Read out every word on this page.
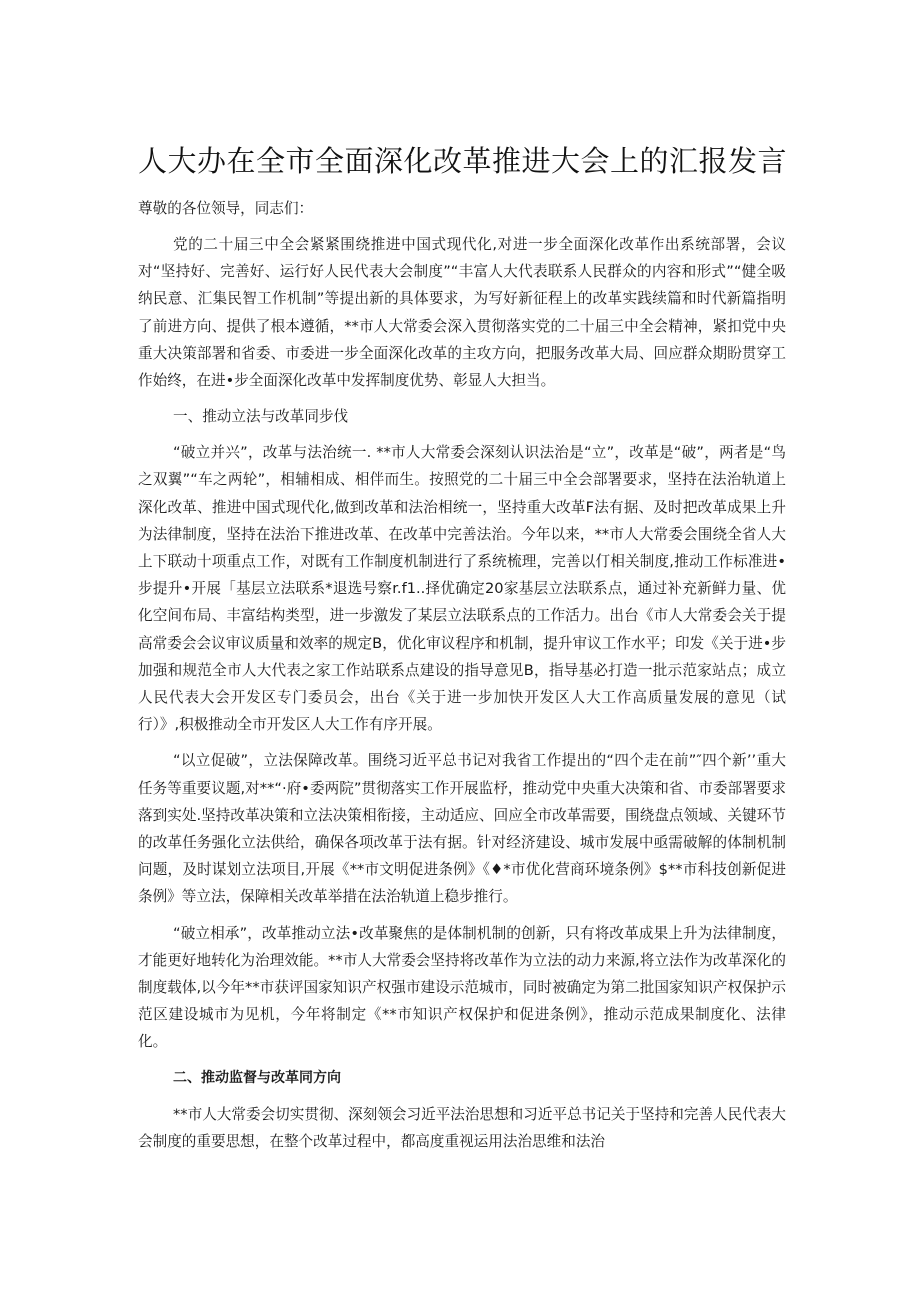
人大办在全市全面深化改革推进大会上的汇报发言

尊敬的各位领导，同志们：

党的二十届三中全会紧紧围绕推进中国式现代化,对进一步全面深化改革作出系统部署，会议对“坚持好、完善好、运行好人民代表大会制度”“丰富人大代表联系人民群众的内容和形式”“健全吸纳民意、汇集民智工作机制”等提出新的具体要求，为写好新征程上的改革实践续篇和时代新篇指明了前进方向、提供了根本遵循，**市人大常委会深入贯彻落实党的二十届三中全会精神，紧扣党中央重大决策部署和省委、市委进一步全面深化改革的主攻方向，把服务改革大局、回应群众期盼贯穿工作始终，在进•步全面深化改革中发挥制度优势、彰显人大担当。

一、推动立法与改革同步伐

“破立并兴”，改革与法治统一. **市人大常委会深刻认识法治是“立”，改革是“破”，两者是“鸟之双翼”“车之两轮”，相辅相成、相伴而生。按照党的二十届三中全会部署要求，坚持在法治轨道上深化改革、推进中国式现代化,做到改革和法治相统一，坚持重大改革F法有据、及时把改革成果上升为法律制度，坚持在法治下推进改革、在改革中完善法治。今年以来，**市人大常委会围绕全省人大上下联动十项重点工作，对既有工作制度机制进行了系统梳理，完善以仃相关制度,推动工作标准进•步提升•开展「基层立法联系*退选号察r.f1..择优确定20家基层立法联系点，通过补充新鲜力量、优化空间布局、丰富结构类型，进一步激发了某层立法联系点的工作活力。出台《市人大常委会关于提高常委会会议审议质量和效率的规定B，优化审议程序和机制，提升审议工作水平；印发《关于进•步加强和规范全市人大代表之家工作站联系点建设的指导意见B，指导基必打造一批示范家站点；成立人民代表大会开发区专门委员会，出台《关于进一步加快开发区人大工作高质量发展的意见（试行）》,积极推动全市开发区人大工作有序开展。

“以立促破”，立法保障改革。围绕习近平总书记对我省工作提出的“四个走在前”″四个新’’重大任务等重要议题,对**“·府•委两院”贯彻落实工作开展监杼，推动党中央重大决策和省、市委部署要求落到实处.坚持改革决策和立法决策相衔接，主动适应、回应全市改革需要，围绕盘点领域、关键环节的改革任务强化立法供给，确保各项改革于法有据。针对经济建设、城市发展中亟需破解的体制机制问题，及时谋划立法项目,开展《**市文明促进条例》《♦*市优化营商环境条例》$**市科技创新促进条例》等立法，保障相关改革举措在法治轨道上稳步推行。

“破立相承”，改革推动立法•改革聚焦的是体制机制的创新，只有将改革成果上升为法律制度，才能更好地转化为治理效能。**市人大常委会坚持将改革作为立法的动力来源,将立法作为改革深化的制度载体,以今年**市获评国家知识产权强市建设示范城市，同时被确定为第二批国家知识产权保护示范区建设城市为见机，今年将制定《**市知识产权保护和促进条例》，推动示范成果制度化、法律化。

二、推动监督与改革同方向

**市人大常委会切实贯彻、深刻领会习近平法治思想和习近平总书记关于坚持和完善人民代表大会制度的重要思想，在整个改革过程中，都高度重视运用法治思维和法治
